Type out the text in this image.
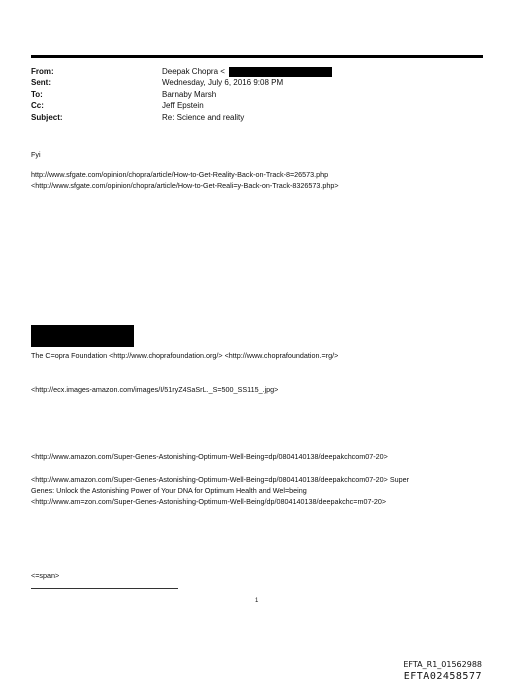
From:	Deepak Chopra <
Sent:	Wednesday, July 6, 2016 9:08 PM
To:	Barnaby Marsh
Cc:	Jeff Epstein
Subject:	Re: Science and reality
Fyi
http://www.sfgate.com/opinion/chopra/article/How-to-Get-Reality-Back-on-Track-8=26573.php
<http://www.sfgate.com/opinion/chopra/article/How-to-Get-Reali=y-Back-on-Track-8326573.php>
The C=opra Foundation <http://www.choprafoundation.org/> <http://www.choprafoundation.=rg/>
<http://ecx.images-amazon.com/images/I/51ryZ4SaSrL._S=500_SS115_.jpg>
<http://www.amazon.com/Super-Genes-Astonishing-Optimum-Well-Being=dp/0804140138/deepakchcom07-20>
<http://www.amazon.com/Super-Genes-Astonishing-Optimum-Well-Being=dp/0804140138/deepakchcom07-20> Super
Genes: Unlock the Astonishing Power of Your DNA for Optimum Health and Wel=being
<http://www.am=zon.com/Super-Genes-Astonishing-Optimum-Well-Being/dp/0804140138/deepakchc=m07-20>
<=span>
1
EFTA_R1_01562988
EFTA02458577
